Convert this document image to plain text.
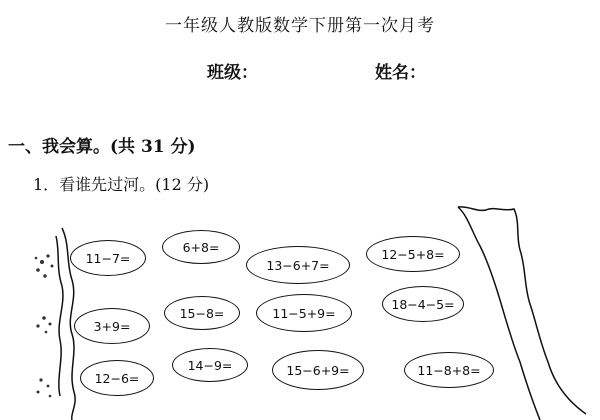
一年级人教版数学下册第一次月考
班级：	姓名：
一、我会算。(共 31 分)
1．看谁先过河。(12 分)
11−7=
6+8=
13−6+7=
12−5+8=
3+9=
15−8=	11−5+9=
18−4−5=
12−6=
14−9=	15−6+9=	11−8+8=
